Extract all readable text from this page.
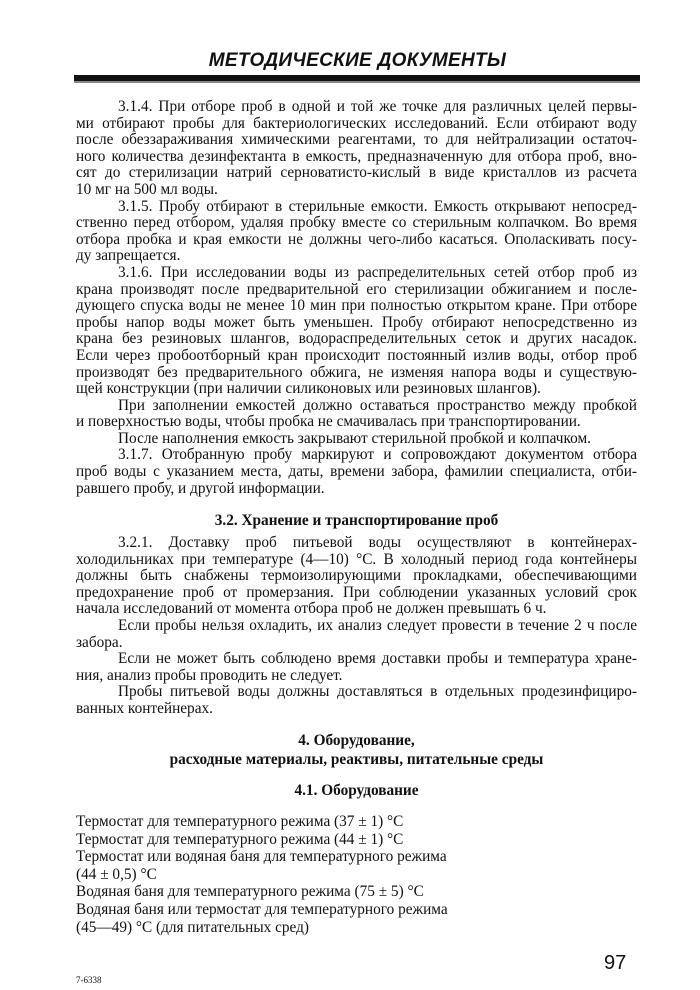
МЕТОДИЧЕСКИЕ ДОКУМЕНТЫ
3.1.4. При отборе проб в одной и той же точке для различных целей первы-
ми отбирают пробы для бактериологических исследований. Если отбирают воду
после обеззараживания химическими реагентами, то для нейтрализации остаточ-
ного количества дезинфектанта в емкость, предназначенную для отбора проб, вно-
сят до стерилизации натрий серноватисто-кислый в виде кристаллов из расчета
10 мг на 500 мл воды.
3.1.5. Пробу отбирают в стерильные емкости. Емкость открывают непосред-
ственно перед отбором, удаляя пробку вместе со стерильным колпачком. Во время
отбора пробка и края емкости не должны чего-либо касаться. Ополаскивать посу-
ду запрещается.
3.1.6. При исследовании воды из распределительных сетей отбор проб из
крана производят после предварительной его стерилизации обжиганием и после-
дующего спуска воды не менее 10 мин при полностью открытом кране. При отборе
пробы напор воды может быть уменьшен. Пробу отбирают непосредственно из
крана без резиновых шлангов, водораспределительных сеток и других насадок.
Если через пробоотборный кран происходит постоянный излив воды, отбор проб
производят без предварительного обжига, не изменяя напора воды и существую-
щей конструкции (при наличии силиконовых или резиновых шлангов).
При заполнении емкостей должно оставаться пространство между пробкой
и поверхностью воды, чтобы пробка не смачивалась при транспортировании.
После наполнения емкость закрывают стерильной пробкой и колпачком.
3.1.7. Отобранную пробу маркируют и сопровождают документом отбора
проб воды с указанием места, даты, времени забора, фамилии специалиста, отби-
равшего пробу, и другой информации.
3.2. Хранение и транспортирование проб
3.2.1. Доставку проб питьевой воды осуществляют в контейнерах-
холодильниках при температуре (4—10) °С. В холодный период года контейнеры
должны быть снабжены термоизолирующими прокладками, обеспечивающими
предохранение проб от промерзания. При соблюдении указанных условий срок
начала исследований от момента отбора проб не должен превышать 6 ч.
Если пробы нельзя охладить, их анализ следует провести в течение 2 ч после
забора.
Если не может быть соблюдено время доставки пробы и температура хране-
ния, анализ пробы проводить не следует.
Пробы питьевой воды должны доставляться в отдельных продезинфициро-
ванных контейнерах.
4. Оборудование,
расходные материалы, реактивы, питательные среды
4.1. Оборудование
Термостат для температурного режима (37 ± 1) °С
Термостат для температурного режима (44 ± 1) °С
Термостат или водяная баня для температурного режима
(44 ± 0,5) °С
Водяная баня для температурного режима (75 ± 5) °С
Водяная баня или термостат для температурного режима
(45—49) °С (для питательных сред)
97
7-6338
